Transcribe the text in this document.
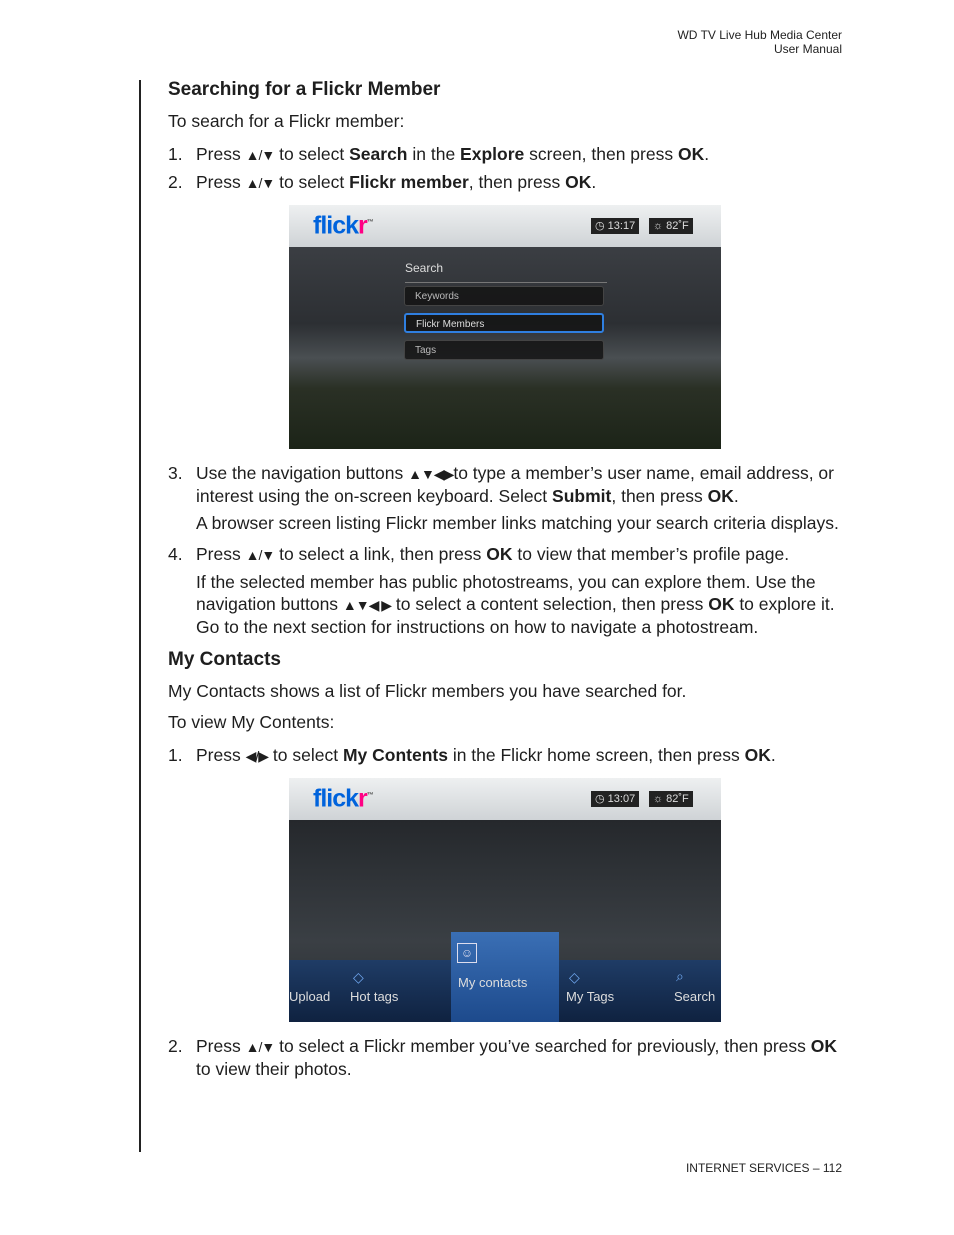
WD TV Live Hub Media Center
User Manual
Searching for a Flickr Member

To search for a Flickr member:

1. Press ▲/▼ to select Search in the Explore screen, then press OK.
2. Press ▲/▼ to select Flickr member, then press OK.
flickr™	◷ 13:17	☼ 82˚F
Search
Keywords
Flickr Members
Tags
3. Use the navigation buttons ▲▼◀▶to type a member’s user name, email address, or interest using the on-screen keyboard. Select Submit, then press OK.

A browser screen listing Flickr member links matching your search criteria displays.

4. Press ▲/▼ to select a link, then press OK to view that member’s profile page.

If the selected member has public photostreams, you can explore them. Use the navigation buttons ▲▼◀ ▶ to select a content selection, then press OK to explore it. Go to the next section for instructions on how to navigate a photostream.

My Contacts

My Contacts shows a list of Flickr members you have searched for.

To view My Contents:

1. Press ◀/▶ to select My Contents in the Flickr home screen, then press OK.
flickr™	◷ 13:07	☼ 82˚F
Upload
◇
Hot tags
☺
My contacts	◇
My Tags
⌕
Search
2. Press ▲/▼ to select a Flickr member you’ve searched for previously, then press OK to view their photos.
INTERNET SERVICES – 112
